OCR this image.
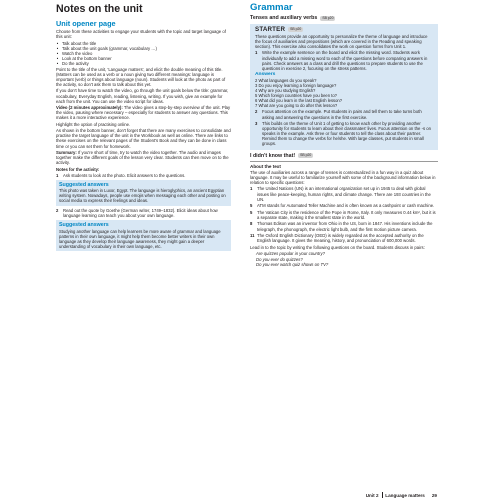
Notes on the unit
Unit opener page

Choose from these activities to engage your students with the topic and target language of this unit:

• Talk about the title
• Talk about the unit goals (grammar, vocabulary …)
• Watch the video
• Look at the bottom banner
• Do the activity

Point to the title of the unit, 'Language matters', and elicit the double meaning of this title. (Matters can be used as a verb or a noun giving two different meanings: language is important (verb) or things about language (noun). Students will look at the photo as part of the activity, so don't ask them to talk about this yet.

If you don't have time to watch the video, go through the unit goals below the title: grammar, vocabulary, Everyday English, reading, listening, writing. If you wish, give an example for each from the unit. You can use the video script for ideas.

Video (2 minutes approximately): The video gives a step-by-step overview of the unit. Play the video, pausing where necessary – especially for students to answer any questions. This makes it a more interactive experience.

Highlight the option of practising online.

As shown in the bottom banner, don't forget that there are many exercises to consolidate and practise the target language of the unit in the Workbook as well as online. There are links to these exercises on the relevant pages of the Student's Book and they can be done in class time or you can set them for homework.

Summary: If you're short of time, try to watch the video together. The audio and images together make the different goals of the lesson very clear. Students can then move on to the activity.

Notes for the activity:

1	Ask students to look at the photo. Elicit answers to the questions.
Suggested answers

This photo was taken in Luxor, Egypt. The language is hieroglyphics, an ancient Egyptian writing system. Nowadays, people use emojis when messaging each other and posting on social media to express their feelings and ideas.

2	Read out the quote by Goethe (German writer, 1749–1832). Elicit ideas about how language learning can teach you about your own language.
Suggested answers

Studying another language can help learners be more aware of grammar and language patterns in their own language, it might help them become better writers in their own language as they develop their language awareness, they might gain a deeper understanding of vocabulary in their own language, etc.

Grammar
Tenses and auxiliary verbs	SB p20
STARTER	SB p20

These questions provide an opportunity to personalize the theme of language and introduce the focus of auxiliaries and prepositions (which are covered in the Reading and speaking section). This exercise also consolidates the work on question forms from Unit 1.

1	Write the example sentence on the board and elicit the missing word. Students work individually to add a missing word to each of the questions before comparing answers in pairs. Check answers as a class and drill the questions to prepare students to use the questions in exercise 2, focusing on the stress patterns.
Answers
2 What languages do you speak?
3 Do you enjoy learning a foreign language?
4 Why are you studying English?
5 Which foreign countries have you been to?
6 What did you learn in the last English lesson?
7 What are you going to do after this lesson?
2	Focus attention on the example. Put students in pairs and tell them to take turns both asking and answering the questions in the first exercise.
3	This builds on the theme of Unit 1 of getting to know each other by providing another opportunity for students to learn about their classmates' lives. Focus attention on the -s on speaks in the example. Ask three or four students to tell the class about their partner. Remind them to change the verbs for he/she. With large classes, put students in small groups.
I didn't know that!	SB p20
About the text

The use of auxiliaries across a range of tenses is contextualized in a fun way in a quiz about language. It may be useful to familiarize yourself with some of the background information below in relation to specific questions:

1	The United Nations (UN) is an international organization set up in 1945 to deal with global issues like peace-keeping, human rights, and climate change. There are 193 countries in the UN.
5	ATM stands for Automated Teller Machine and is often known as a cashpoint or cash machine.
5	The Vatican City is the residence of the Pope in Rome, Italy. It only measures 0.44 km², but it is a separate state, making it the smallest state in the world.
8	Thomas Edison was an inventor from Ohio in the US, born in 1847. His inventions include the telegraph, the phonograph, the electric light bulb, and the first motion picture camera.
11 The Oxford English Dictionary (OED) is widely regarded as the accepted authority on the English language. It gives the meaning, history, and pronunciation of 600,000 words.

Lead in to the topic by writing the following questions on the board. Students discuss in pairs:

Are quizzes popular in your country?
Do you ever do quizzes?
Do you ever watch quiz shows on TV?
Unit 2 Language matters 29
